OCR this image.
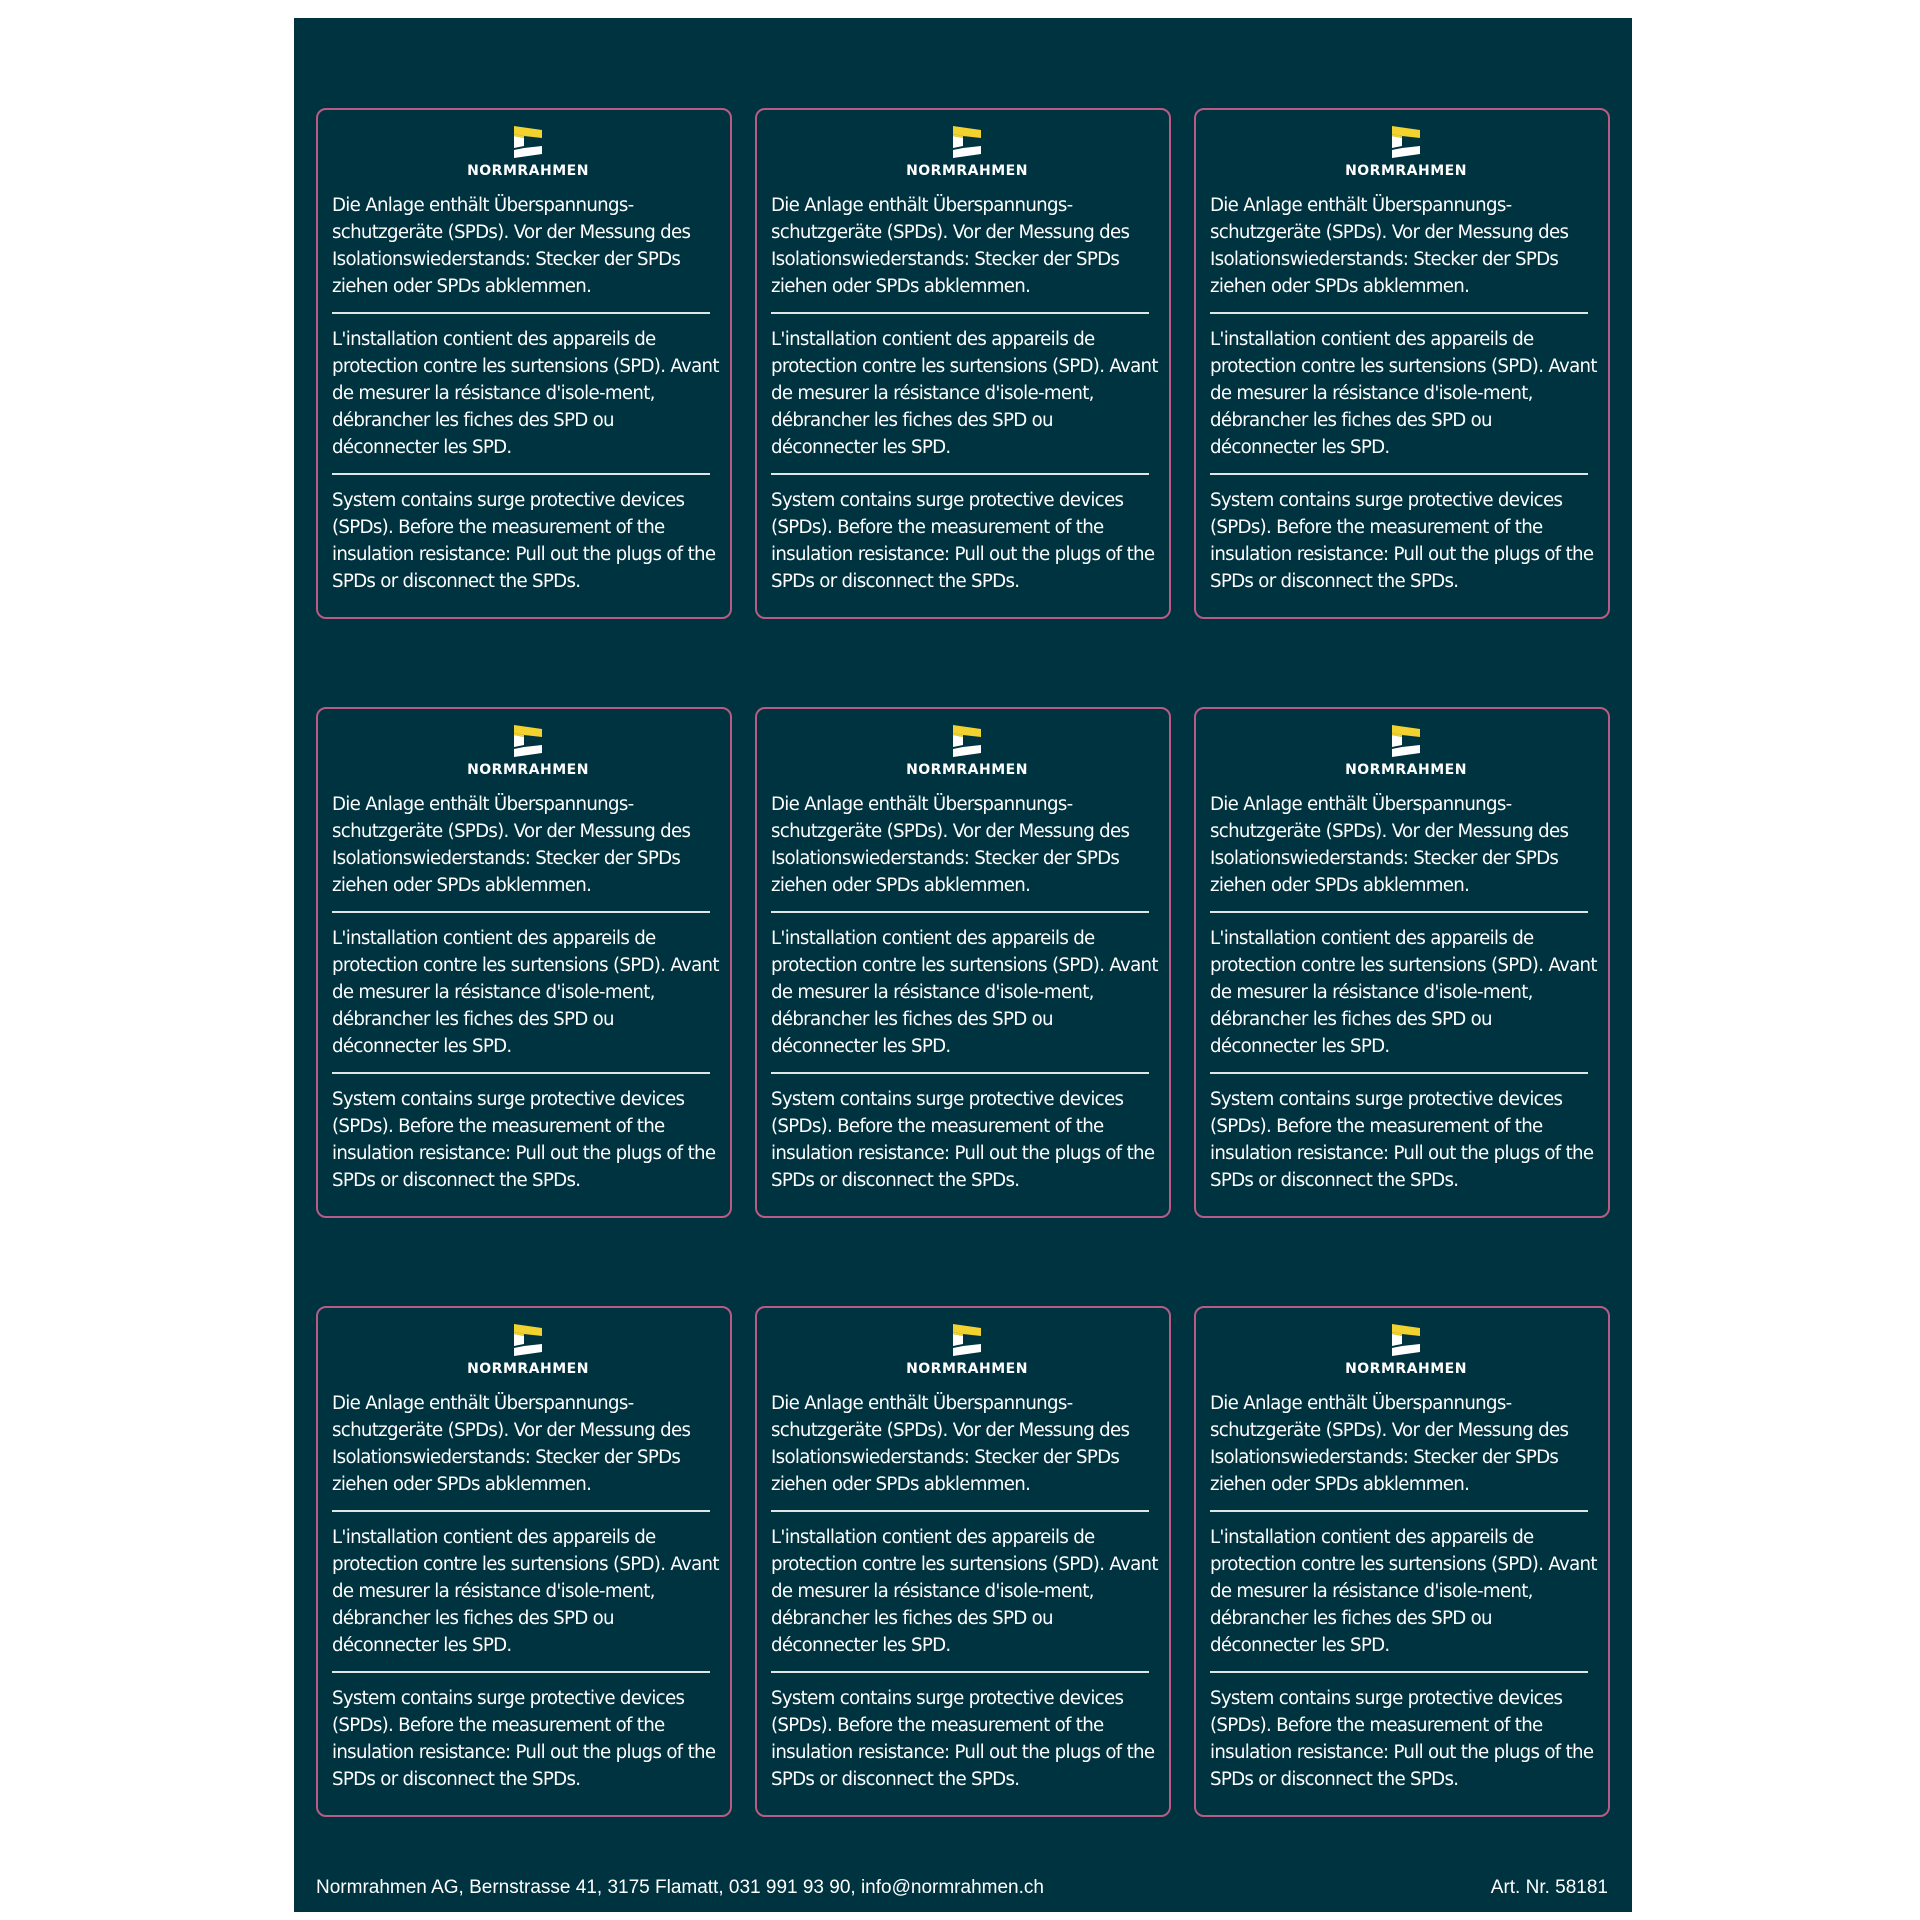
NORMRAHMEN

Die Anlage enthält Überspannungs-schutzgeräte (SPDs). Vor der Messung des Isolationswiederstands: Stecker der SPDs ziehen oder SPDs abklemmen.

L'installation contient des appareils de protection contre les surtensions (SPD). Avant de mesurer la résistance d'isole-ment, débrancher les fiches des SPD ou déconnecter les SPD.

System contains surge protective devices (SPDs). Before the measurement of the insulation resistance: Pull out the plugs of the SPDs or disconnect the SPDs.

NORMRAHMEN

Die Anlage enthält Überspannungs-schutzgeräte (SPDs). Vor der Messung des Isolationswiederstands: Stecker der SPDs ziehen oder SPDs abklemmen.

L'installation contient des appareils de protection contre les surtensions (SPD). Avant de mesurer la résistance d'isole-ment, débrancher les fiches des SPD ou déconnecter les SPD.

System contains surge protective devices (SPDs). Before the measurement of the insulation resistance: Pull out the plugs of the SPDs or disconnect the SPDs.

NORMRAHMEN

Die Anlage enthält Überspannungs-schutzgeräte (SPDs). Vor der Messung des Isolationswiederstands: Stecker der SPDs ziehen oder SPDs abklemmen.

L'installation contient des appareils de protection contre les surtensions (SPD). Avant de mesurer la résistance d'isole-ment, débrancher les fiches des SPD ou déconnecter les SPD.

System contains surge protective devices (SPDs). Before the measurement of the insulation resistance: Pull out the plugs of the SPDs or disconnect the SPDs.

NORMRAHMEN

Die Anlage enthält Überspannungs-schutzgeräte (SPDs). Vor der Messung des Isolationswiederstands: Stecker der SPDs ziehen oder SPDs abklemmen.

L'installation contient des appareils de protection contre les surtensions (SPD). Avant de mesurer la résistance d'isole-ment, débrancher les fiches des SPD ou déconnecter les SPD.

System contains surge protective devices (SPDs). Before the measurement of the insulation resistance: Pull out the plugs of the SPDs or disconnect the SPDs.

NORMRAHMEN

Die Anlage enthält Überspannungs-schutzgeräte (SPDs). Vor der Messung des Isolationswiederstands: Stecker der SPDs ziehen oder SPDs abklemmen.

L'installation contient des appareils de protection contre les surtensions (SPD). Avant de mesurer la résistance d'isole-ment, débrancher les fiches des SPD ou déconnecter les SPD.

System contains surge protective devices (SPDs). Before the measurement of the insulation resistance: Pull out the plugs of the SPDs or disconnect the SPDs.

NORMRAHMEN

Die Anlage enthält Überspannungs-schutzgeräte (SPDs). Vor der Messung des Isolationswiederstands: Stecker der SPDs ziehen oder SPDs abklemmen.

L'installation contient des appareils de protection contre les surtensions (SPD). Avant de mesurer la résistance d'isole-ment, débrancher les fiches des SPD ou déconnecter les SPD.

System contains surge protective devices (SPDs). Before the measurement of the insulation resistance: Pull out the plugs of the SPDs or disconnect the SPDs.

NORMRAHMEN

Die Anlage enthält Überspannungs-schutzgeräte (SPDs). Vor der Messung des Isolationswiederstands: Stecker der SPDs ziehen oder SPDs abklemmen.

L'installation contient des appareils de protection contre les surtensions (SPD). Avant de mesurer la résistance d'isole-ment, débrancher les fiches des SPD ou déconnecter les SPD.

System contains surge protective devices (SPDs). Before the measurement of the insulation resistance: Pull out the plugs of the SPDs or disconnect the SPDs.

NORMRAHMEN

Die Anlage enthält Überspannungs-schutzgeräte (SPDs). Vor der Messung des Isolationswiederstands: Stecker der SPDs ziehen oder SPDs abklemmen.

L'installation contient des appareils de protection contre les surtensions (SPD). Avant de mesurer la résistance d'isole-ment, débrancher les fiches des SPD ou déconnecter les SPD.

System contains surge protective devices (SPDs). Before the measurement of the insulation resistance: Pull out the plugs of the SPDs or disconnect the SPDs.

NORMRAHMEN

Die Anlage enthält Überspannungs-schutzgeräte (SPDs). Vor der Messung des Isolationswiederstands: Stecker der SPDs ziehen oder SPDs abklemmen.

L'installation contient des appareils de protection contre les surtensions (SPD). Avant de mesurer la résistance d'isole-ment, débrancher les fiches des SPD ou déconnecter les SPD.

System contains surge protective devices (SPDs). Before the measurement of the insulation resistance: Pull out the plugs of the SPDs or disconnect the SPDs.

Normrahmen AG, Bernstrasse 41, 3175 Flamatt, 031 991 93 90, info@normrahmen.ch	Art. Nr. 58181
